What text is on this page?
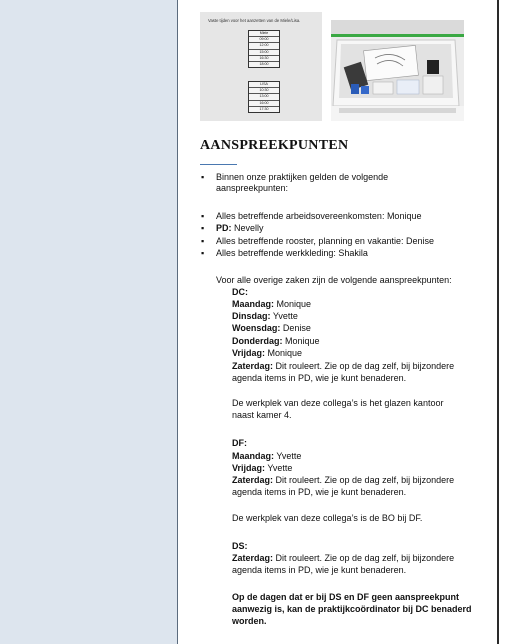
Vaste tijden voor het aanzetten van de Miele/Lisa.
Miele
09:00
12:00
15:00
16:30
18:00
LISA
10:30
13:00
16:00
17:30
AANSPREEKPUNTEN
▪ Binnen onze praktijken gelden de volgende
aanspreekpunten:
▪ Alles betreffende arbeidsovereenkomsten: Monique
▪ PD: Nevelly
▪ Alles betreffende rooster, planning en vakantie: Denise
▪ Alles betreffende werkkleding: Shakila
Voor alle overige zaken zijn de volgende aanspreekpunten:
DC:
Maandag: Monique
Dinsdag: Yvette
Woensdag: Denise
Donderdag: Monique
Vrijdag: Monique
Zaterdag: Dit rouleert. Zie op de dag zelf, bij bijzondere
agenda items in PD, wie je kunt benaderen.
De werkplek van deze collega’s is het glazen kantoor
naast kamer 4.
DF:
Maandag: Yvette
Vrijdag: Yvette
Zaterdag: Dit rouleert. Zie op de dag zelf, bij bijzondere
agenda items in PD, wie je kunt benaderen.
De werkplek van deze collega’s is de BO bij DF.
DS:
Zaterdag: Dit rouleert. Zie op de dag zelf, bij bijzondere
agenda items in PD, wie je kunt benaderen.
Op de dagen dat er bij DS en DF geen aanspreekpunt
aanwezig is, kan de praktijkcoördinator bij DC benaderd
worden.
